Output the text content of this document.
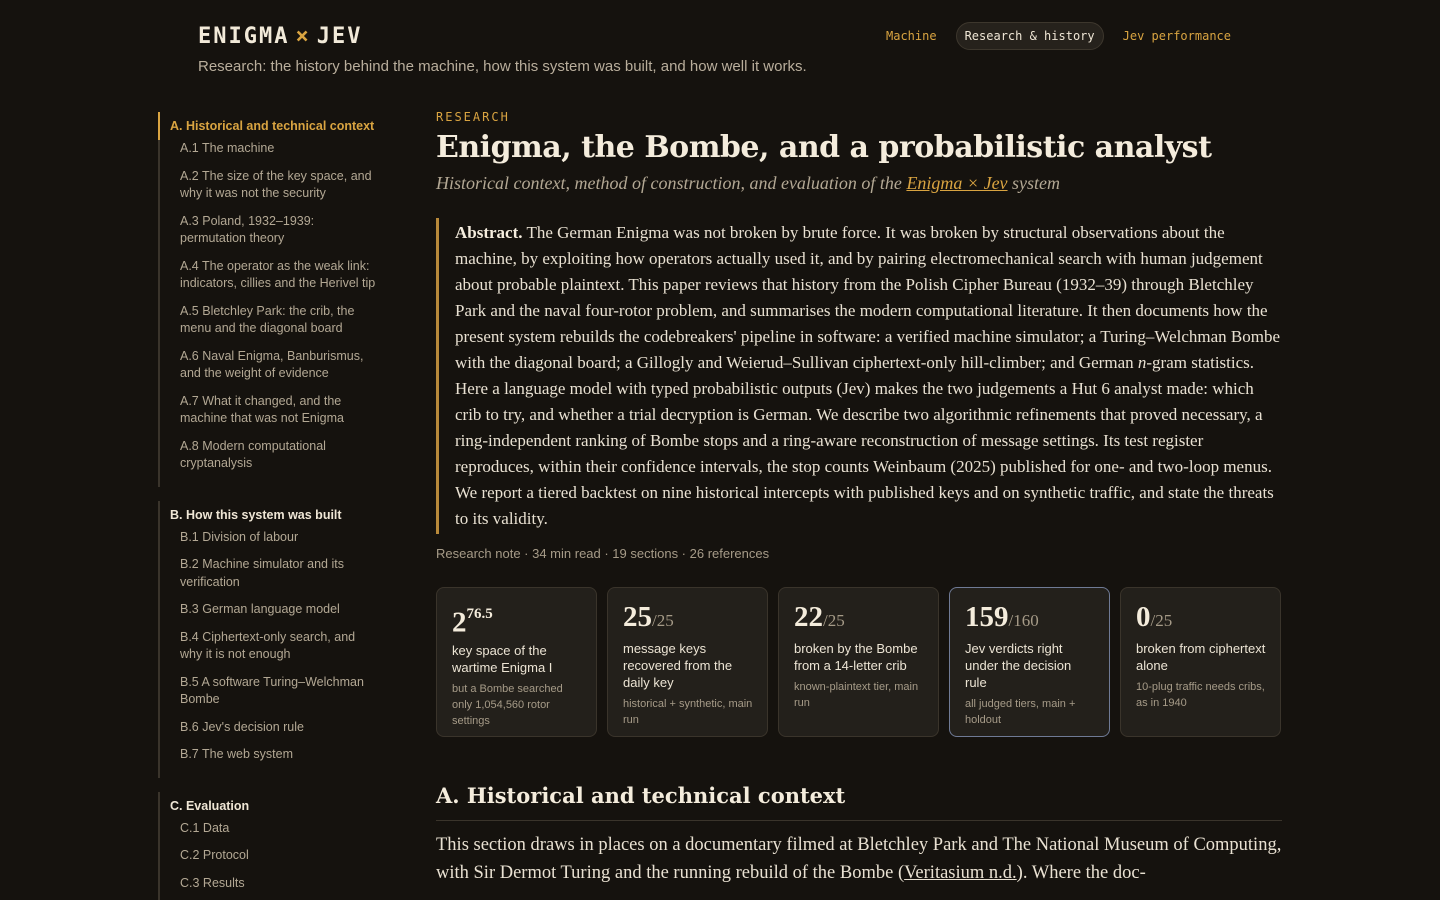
ENIGMA × JEV
Research: the history behind the machine, how this system was built, and how well it works.
Machine	Research & history	Jev performance
A. Historical and technical context
A.1 The machine
A.2 The size of the key space, and why it was not the security
A.3 Poland, 1932–1939: permutation theory
A.4 The operator as the weak link: indicators, cillies and the Herivel tip
A.5 Bletchley Park: the crib, the menu and the diagonal board
A.6 Naval Enigma, Banburismus, and the weight of evidence
A.7 What it changed, and the machine that was not Enigma
A.8 Modern computational cryptanalysis
B. How this system was built
B.1 Division of labour
B.2 Machine simulator and its verification
B.3 German language model
B.4 Ciphertext-only search, and why it is not enough
B.5 A software Turing–Welchman Bombe
B.6 Jev's decision rule
B.7 The web system
C. Evaluation
C.1 Data
C.2 Protocol
C.3 Results
RESEARCH
Enigma, the Bombe, and a probabilistic analyst
Historical context, method of construction, and evaluation of the Enigma × Jev system
Abstract. The German Enigma was not broken by brute force. It was broken by structural observations about the machine, by exploiting how operators actually used it, and by pairing electromechanical search with human judgement about probable plaintext. This paper reviews that history from the Polish Cipher Bureau (1932–39) through Bletchley Park and the naval four-rotor problem, and summarises the modern computational literature. It then documents how the present system rebuilds the codebreakers' pipeline in software: a verified machine simulator; a Turing–Welchman Bombe with the diagonal board; a Gillogly and Weierud–Sullivan ciphertext-only hill-climber; and German n-gram statistics. Here a language model with typed probabilistic outputs (Jev) makes the two judgements a Hut 6 analyst made: which crib to try, and whether a trial decryption is German. We describe two algorithmic refinements that proved necessary, a ring-independent ranking of Bombe stops and a ring-aware reconstruction of message settings. Its test register reproduces, within their confidence intervals, the stop counts Weinbaum (2025) published for one- and two-loop menus. We report a tiered backtest on nine historical intercepts with published keys and on synthetic traffic, and state the threats to its validity.
Research note · 34 min read · 19 sections · 26 references
$2^{76.5}$
key space of the wartime Enigma I
but a Bombe searched only 1,054,560 rotor settings
25/25
message keys recovered from the daily key
historical + synthetic, main run
22/25
broken by the Bombe from a 14-letter crib
known-plaintext tier, main run
159/160
Jev verdicts right under the decision rule
all judged tiers, main + holdout
0/25
broken from ciphertext alone
10-plug traffic needs cribs, as in 1940
A. Historical and technical context

This section draws in places on a documentary filmed at Bletchley Park and The National Museum of Computing, with Sir Dermot Turing and the running rebuild of the Bombe (Veritasium n.d.). Where the doc-
